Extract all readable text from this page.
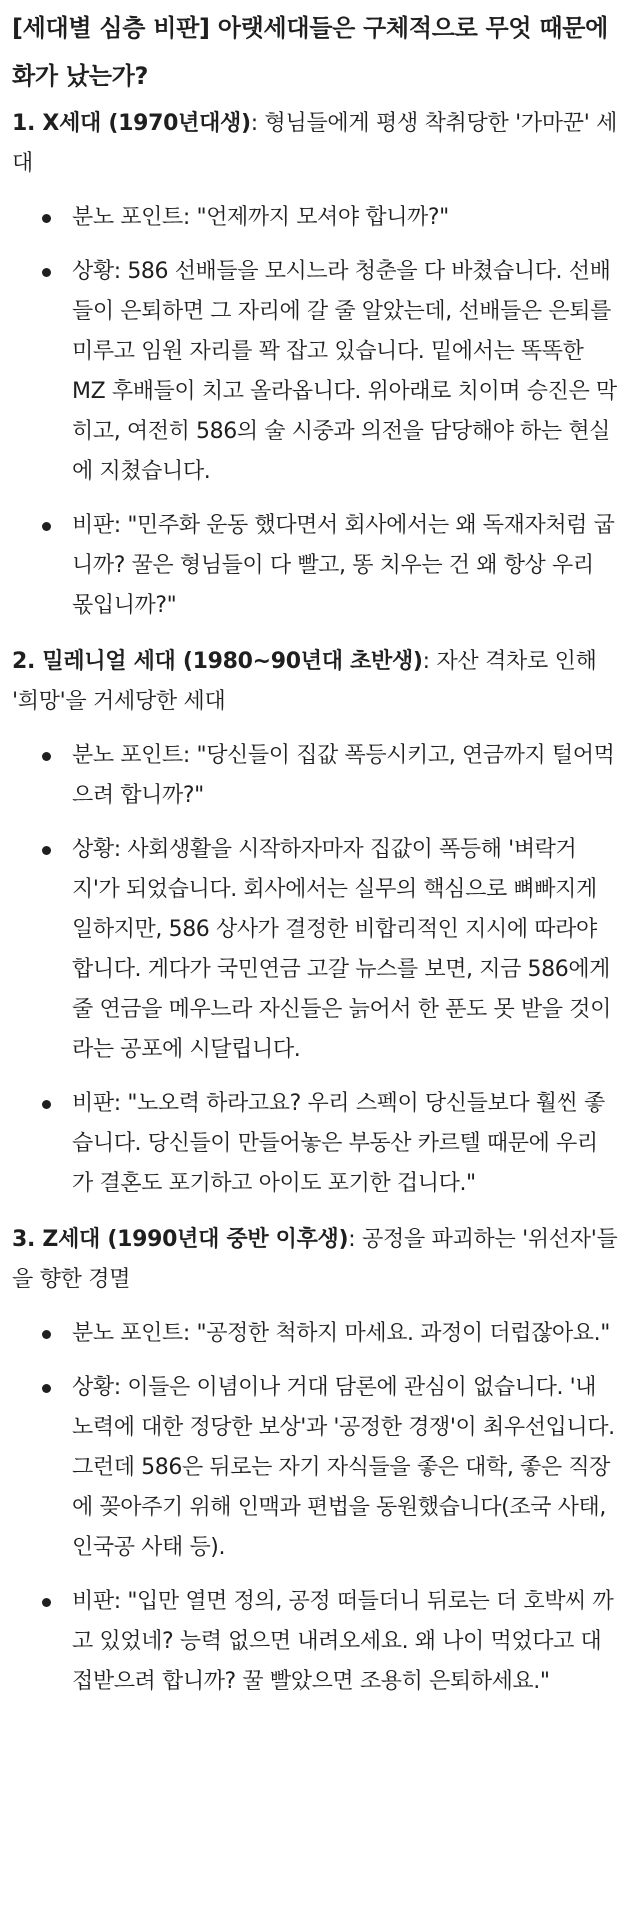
[세대별 심층 비판] 아랫세대들은 구체적으로 무엇 때문에 화가 났는가?
1. X세대 (1970년대생): 형님들에게 평생 착취당한 '가마꾼' 세대
분노 포인트: "언제까지 모셔야 합니까?"
상황: 586 선배들을 모시느라 청춘을 다 바쳤습니다. 선배들이 은퇴하면 그 자리에 갈 줄 알았는데, 선배들은 은퇴를 미루고 임원 자리를 꽉 잡고 있습니다. 밑에서는 똑똑한 MZ 후배들이 치고 올라옵니다. 위아래로 치이며 승진은 막히고, 여전히 586의 술 시중과 의전을 담당해야 하는 현실에 지쳤습니다.
비판: "민주화 운동 했다면서 회사에서는 왜 독재자처럼 굽니까? 꿀은 형님들이 다 빨고, 똥 치우는 건 왜 항상 우리 몫입니까?"
2. 밀레니얼 세대 (1980~90년대 초반생): 자산 격차로 인해 '희망'을 거세당한 세대
분노 포인트: "당신들이 집값 폭등시키고, 연금까지 털어먹으려 합니까?"
상황: 사회생활을 시작하자마자 집값이 폭등해 '벼락거지'가 되었습니다. 회사에서는 실무의 핵심으로 뼈빠지게 일하지만, 586 상사가 결정한 비합리적인 지시에 따라야 합니다. 게다가 국민연금 고갈 뉴스를 보면, 지금 586에게 줄 연금을 메우느라 자신들은 늙어서 한 푼도 못 받을 것이라는 공포에 시달립니다.
비판: "노오력 하라고요? 우리 스펙이 당신들보다 훨씬 좋습니다. 당신들이 만들어놓은 부동산 카르텔 때문에 우리가 결혼도 포기하고 아이도 포기한 겁니다."
3. Z세대 (1990년대 중반 이후생): 공정을 파괴하는 '위선자'들을 향한 경멸
분노 포인트: "공정한 척하지 마세요. 과정이 더럽잖아요."
상황: 이들은 이념이나 거대 담론에 관심이 없습니다. '내 노력에 대한 정당한 보상'과 '공정한 경쟁'이 최우선입니다. 그런데 586은 뒤로는 자기 자식들을 좋은 대학, 좋은 직장에 꽂아주기 위해 인맥과 편법을 동원했습니다(조국 사태, 인국공 사태 등).
비판: "입만 열면 정의, 공정 떠들더니 뒤로는 더 호박씨 까고 있었네? 능력 없으면 내려오세요. 왜 나이 먹었다고 대접받으려 합니까? 꿀 빨았으면 조용히 은퇴하세요."
